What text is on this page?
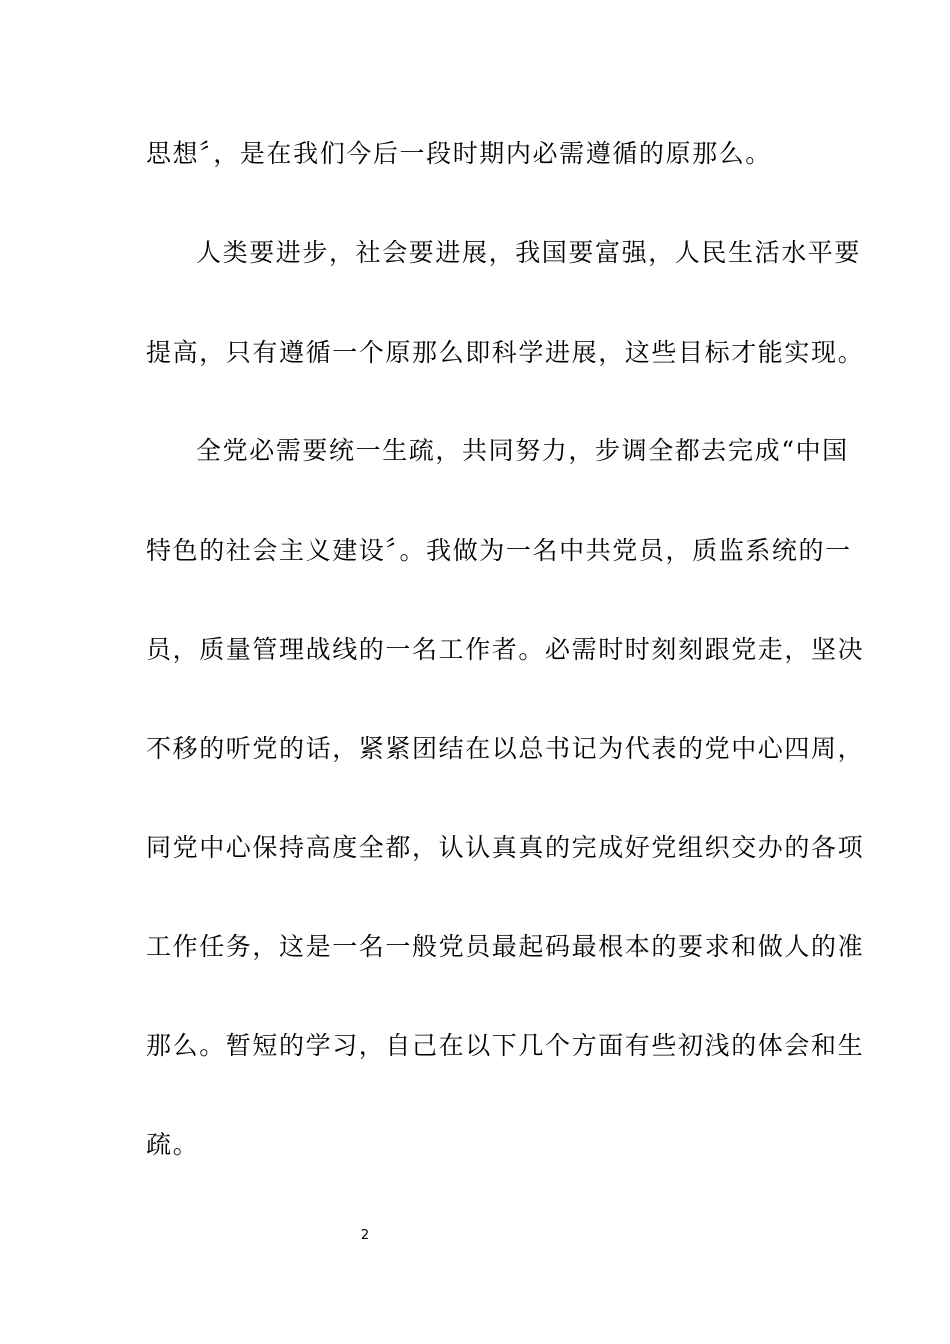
思想〞，是在我们今后一段时期内必需遵循的原那么。
人类要进步，社会要进展，我国要富强，人民生活水平要
提高，只有遵循一个原那么即科学进展，这些目标才能实现。
全党必需要统一生疏，共同努力，步调全都去完成“中国
特色的社会主义建设〞。我做为一名中共党员，质监系统的一
员，质量管理战线的一名工作者。必需时时刻刻跟党走，坚决
不移的听党的话，紧紧团结在以总书记为代表的党中心四周，
同党中心保持高度全都，认认真真的完成好党组织交办的各项
工作任务，这是一名一般党员最起码最根本的要求和做人的准
那么。暂短的学习，自己在以下几个方面有些初浅的体会和生
疏。
2
